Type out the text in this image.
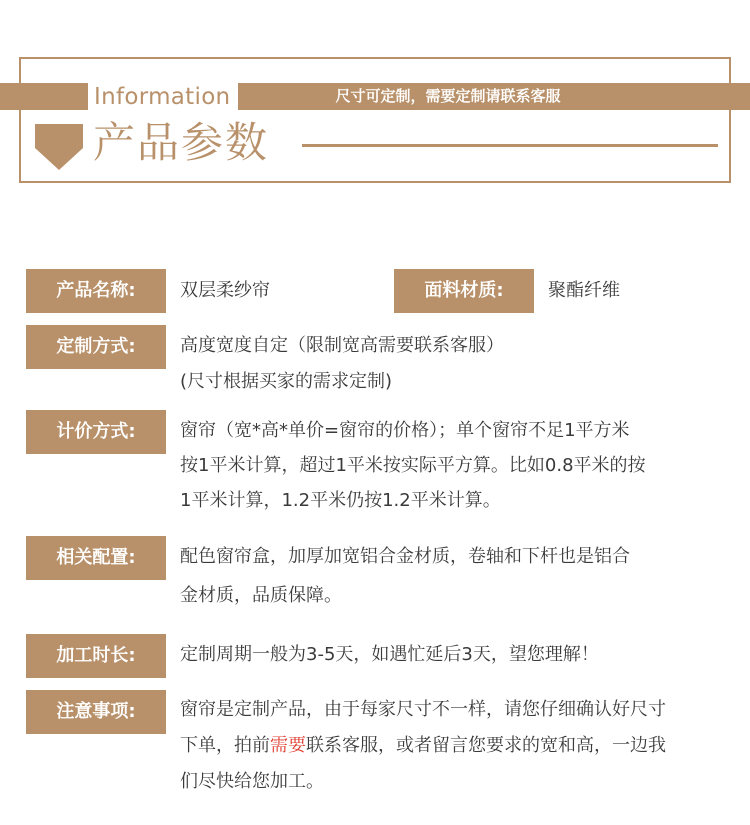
Information	尺寸可定制，需要定制请联系客服
产品参数
产品名称:	双层柔纱帘	面料材质:	聚酯纤维
定制方式:	高度宽度自定（限制宽高需要联系客服）
(尺寸根据买家的需求定制)
计价方式:	窗帘（宽*高*单价=窗帘的价格）；单个窗帘不足1平方米
按1平米计算，超过1平米按实际平方算。比如0.8平米的按
1平米计算，1.2平米仍按1.2平米计算。
相关配置:	配色窗帘盒，加厚加宽铝合金材质，卷轴和下杆也是铝合
金材质，品质保障。
加工时长:	定制周期一般为3-5天，如遇忙延后3天，望您理解！
注意事项:	窗帘是定制产品，由于每家尺寸不一样，请您仔细确认好尺寸
下单，拍前需要联系客服，或者留言您要求的宽和高，一边我
们尽快给您加工。
